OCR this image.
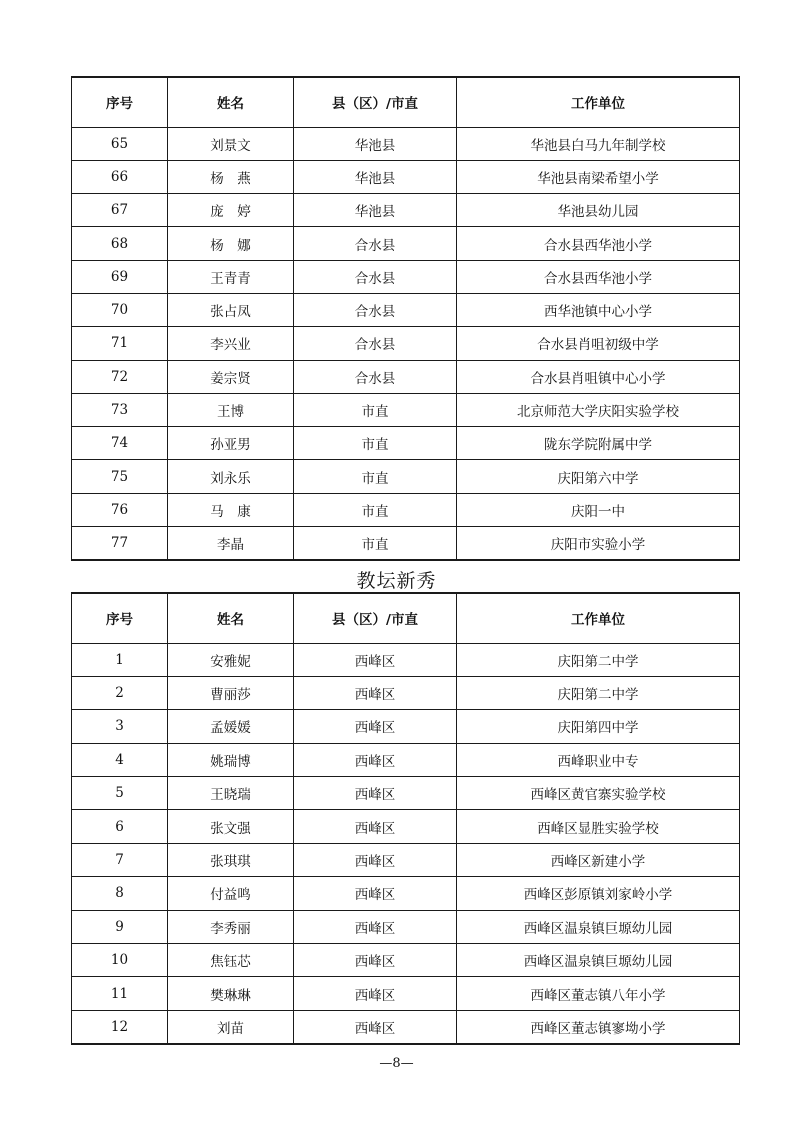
序号	姓名	县（区）/市直	工作单位
65	刘景文	华池县	华池县白马九年制学校
66	杨　燕	华池县	华池县南梁希望小学
67	庞　婷	华池县	华池县幼儿园
68	杨　娜	合水县	合水县西华池小学
69	王青青	合水县	合水县西华池小学
70	张占凤	合水县	西华池镇中心小学
71	李兴业	合水县	合水县肖咀初级中学
72	姜宗贤	合水县	合水县肖咀镇中心小学
73	王博	市直	北京师范大学庆阳实验学校
74	孙亚男	市直	陇东学院附属中学
75	刘永乐	市直	庆阳第六中学
76	马　康	市直	庆阳一中
77	李晶	市直	庆阳市实验小学
教坛新秀
序号	姓名	县（区）/市直	工作单位
1	安雅妮	西峰区	庆阳第二中学
2	曹丽莎	西峰区	庆阳第二中学
3	孟媛媛	西峰区	庆阳第四中学
4	姚瑞博	西峰区	西峰职业中专
5	王晓瑞	西峰区	西峰区黄官寨实验学校
6	张文强	西峰区	西峰区显胜实验学校
7	张琪琪	西峰区	西峰区新建小学
8	付益鸣	西峰区	西峰区彭原镇刘家岭小学
9	李秀丽	西峰区	西峰区温泉镇巨塬幼儿园
10	焦钰芯	西峰区	西峰区温泉镇巨塬幼儿园
11	樊琳琳	西峰区	西峰区董志镇八年小学
12	刘苗	西峰区	西峰区董志镇寥坳小学
—8—
